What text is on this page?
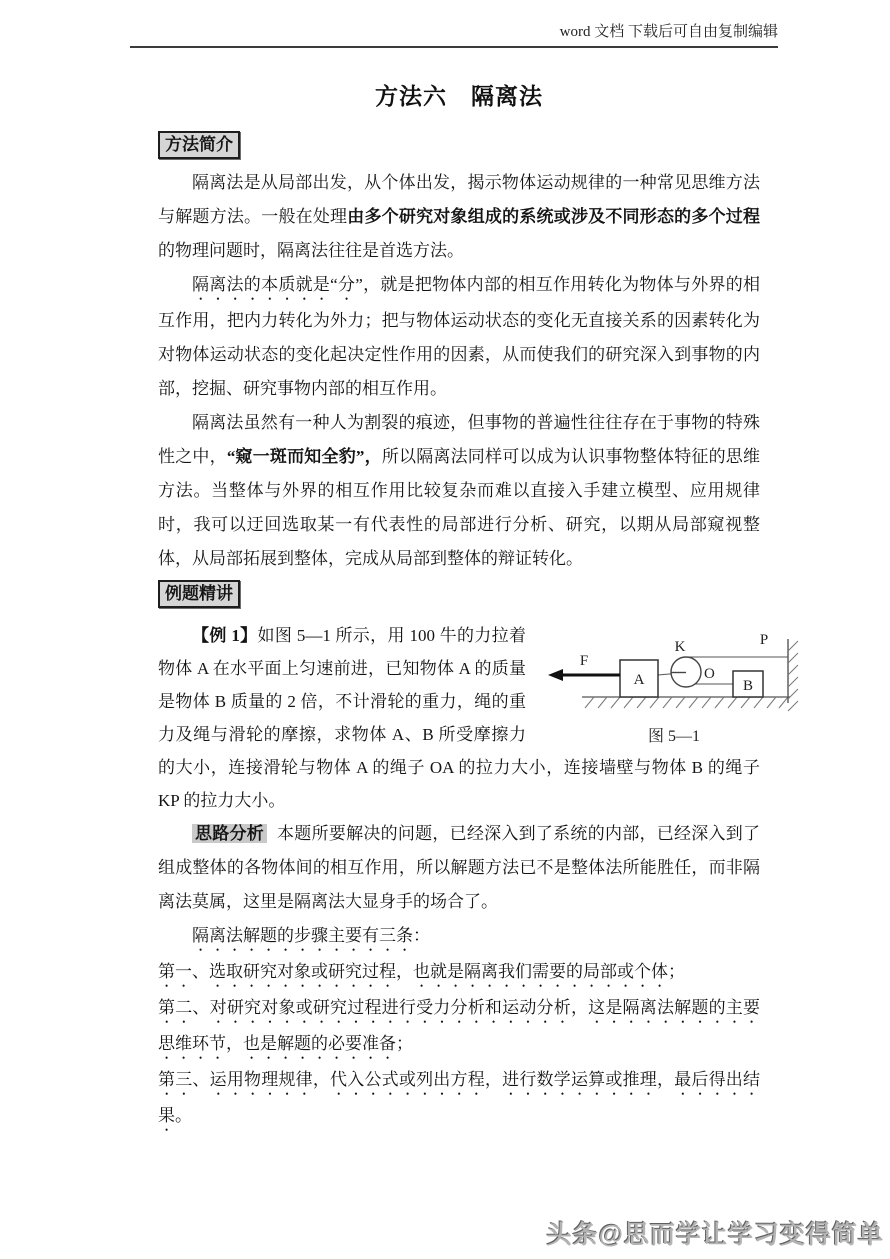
word 文档 下载后可自由复制编辑
方法六　隔离法
方法简介

隔离法是从局部出发，从个体出发，揭示物体运动规律的一种常见思维方法与解题方法。一般在处理由多个研究对象组成的系统或涉及不同形态的多个过程的物理问题时，隔离法往往是首选方法。

隔离法的本质就是“分”，就是把物体内部的相互作用转化为物体与外界的相互作用，把内力转化为外力；把与物体运动状态的变化无直接关系的因素转化为对物体运动状态的变化起决定性作用的因素，从而使我们的研究深入到事物的内部，挖掘、研究事物内部的相互作用。

隔离法虽然有一种人为割裂的痕迹，但事物的普遍性往往存在于事物的特殊性之中，“窥一斑而知全豹”，所以隔离法同样可以成为认识事物整体特征的思维方法。当整体与外界的相互作用比较复杂而难以直接入手建立模型、应用规律时，我可以迂回选取某一有代表性的局部进行分析、研究，以期从局部窥视整体，从局部拓展到整体，完成从局部到整体的辩证转化。

例题精讲
F
A
K
O
P
B
图 5—1

【例 1】如图 5—1 所示，用 100 牛的力拉着物体 A 在水平面上匀速前进，已知物体 A 的质量是物体 B 质量的 2 倍，不计滑轮的重力，绳的重力及绳与滑轮的摩擦，求物体 A、B 所受摩擦力的大小，连接滑轮与物体 A 的绳子 OA 的拉力大小，连接墙壁与物体 B 的绳子 KP 的拉力大小。

思路分析 本题所要解决的问题，已经深入到了系统的内部，已经深入到了组成整体的各物体间的相互作用，所以解题方法已不是整体法所能胜任，而非隔离法莫属，这里是隔离法大显身手的场合了。

隔离法解题的步骤主要有三条：

第一、选取研究对象或研究过程，也就是隔离我们需要的局部或个体；

第二、对研究对象或研究过程进行受力分析和运动分析，这是隔离法解题的主要思维环节，也是解题的必要准备；

第三、运用物理规律，代入公式或列出方程，进行数学运算或推理，最后得出结果。

头条@思而学让学习变得简单
